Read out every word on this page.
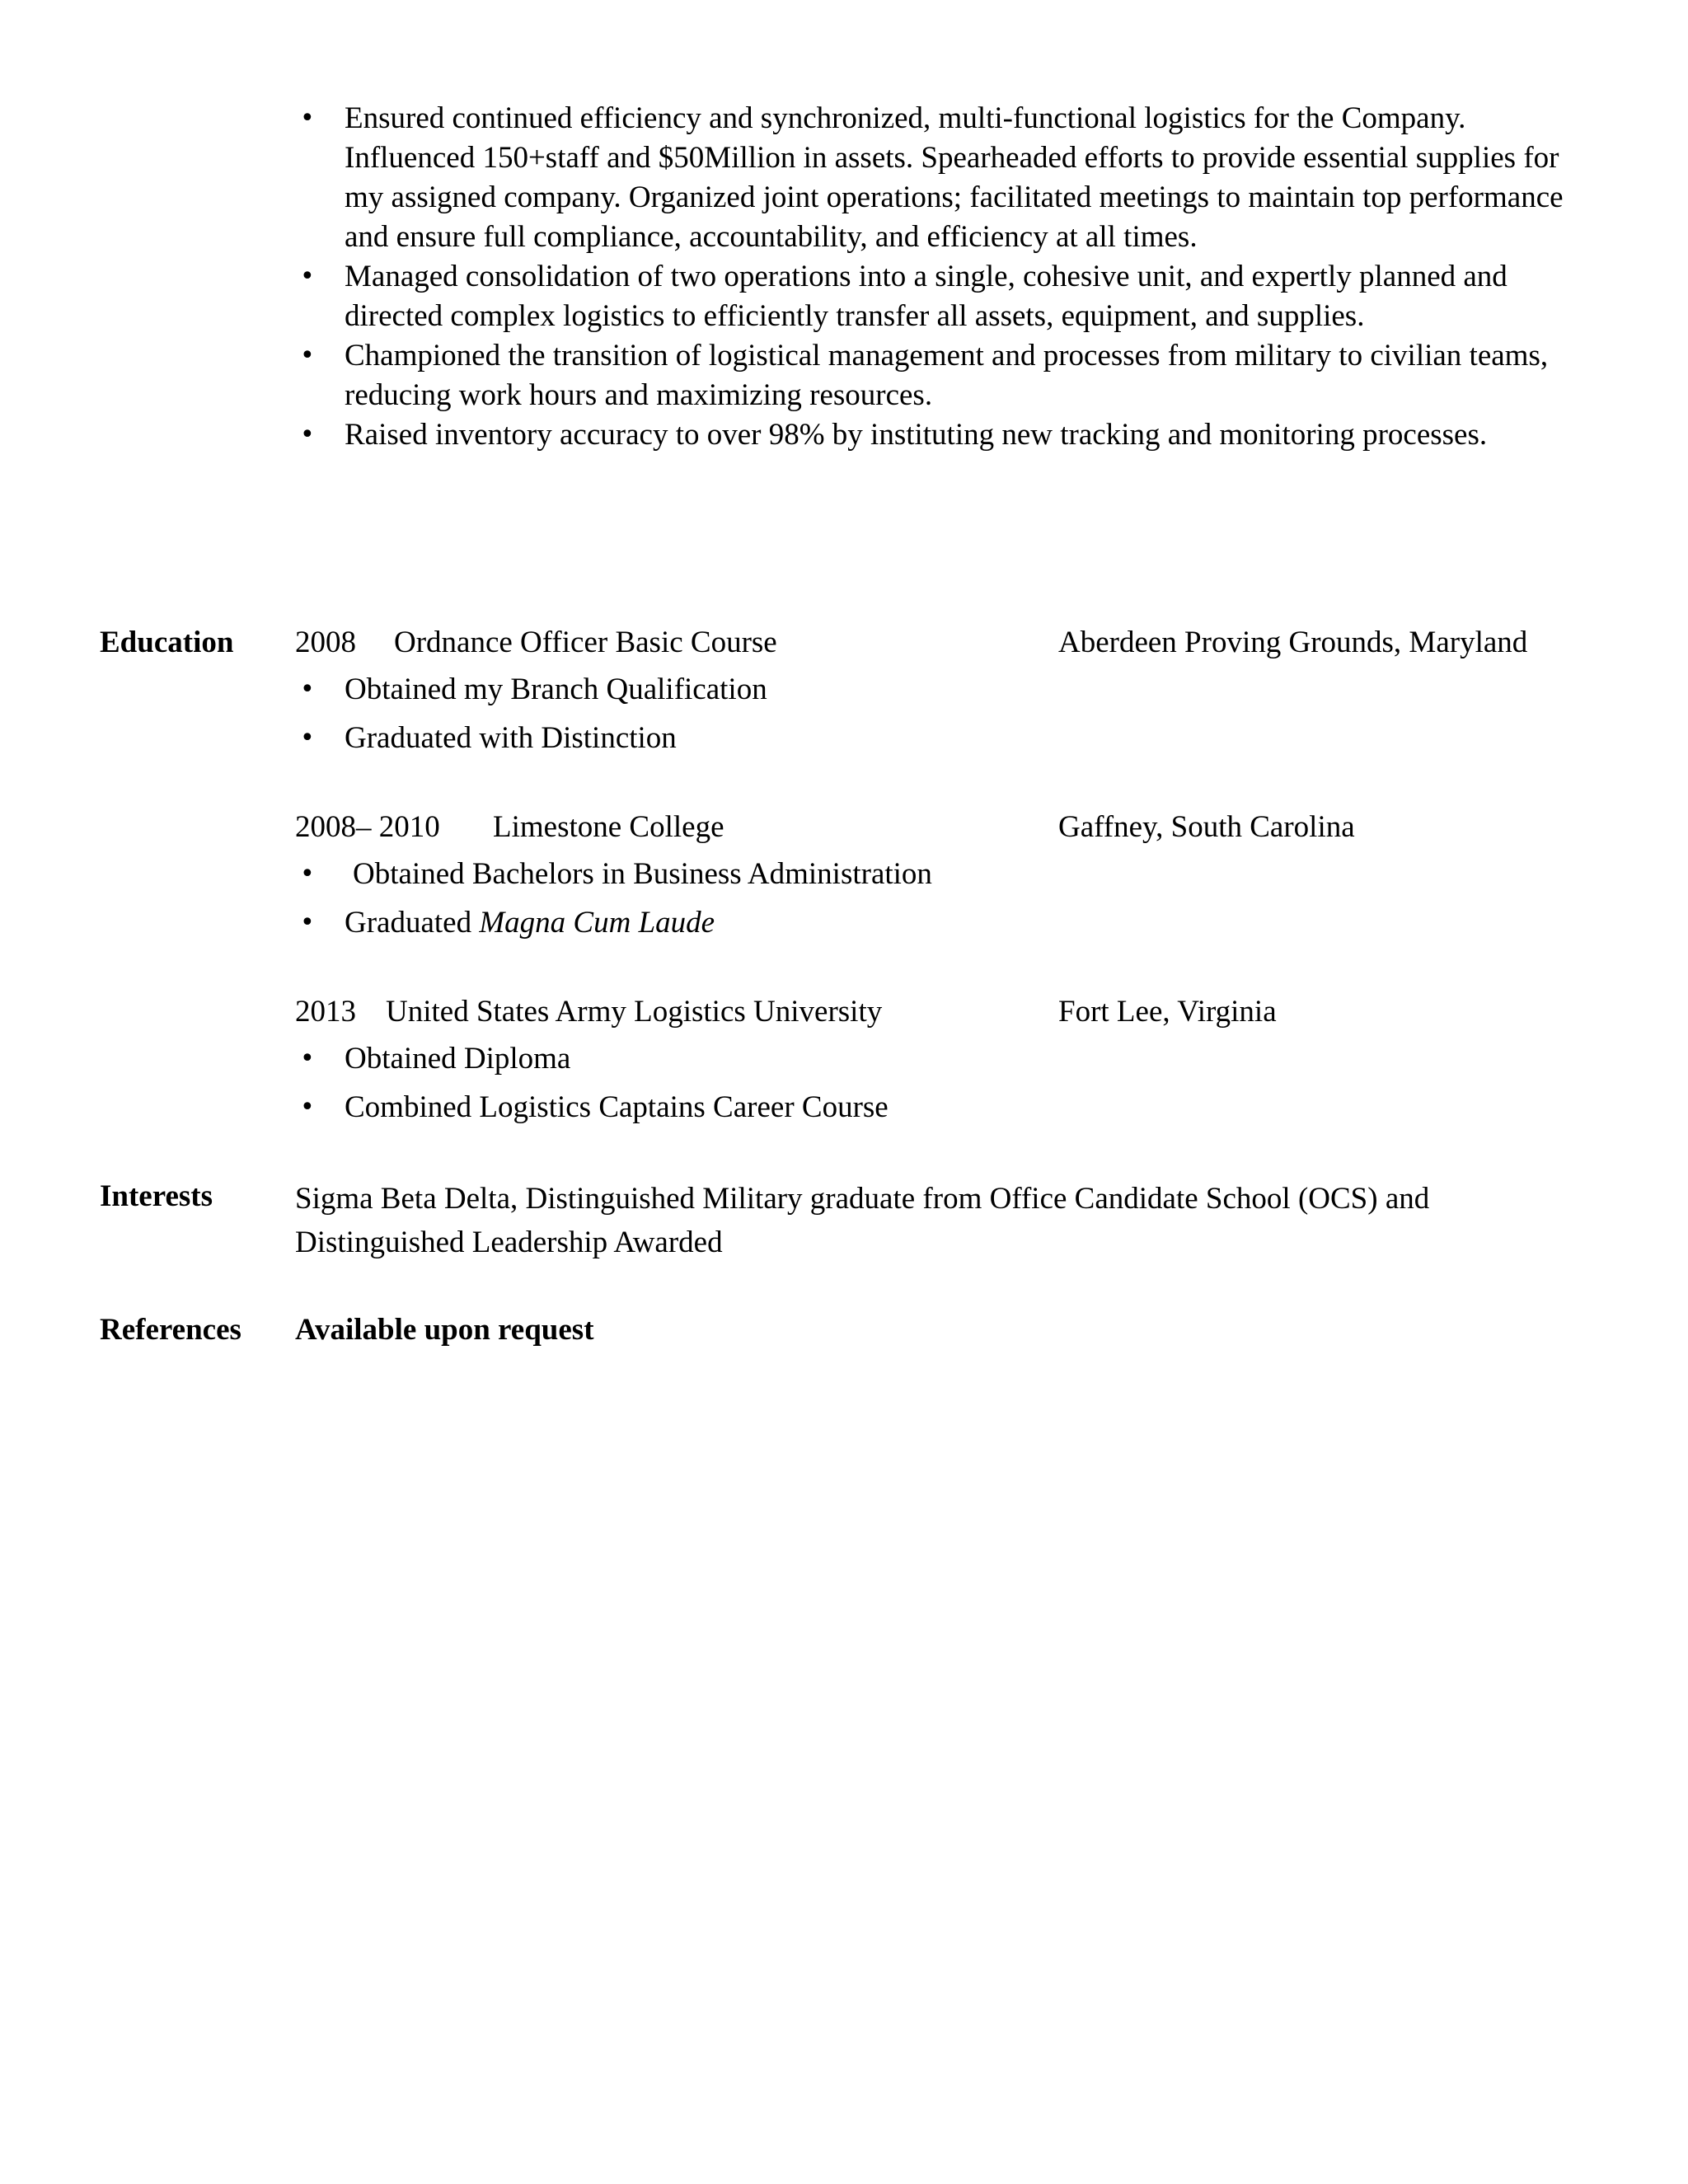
• Ensured continued efficiency and synchronized, multi-functional logistics for the Company. Influenced 150+staff and $50Million in assets. Spearheaded efforts to provide essential supplies for my assigned company. Organized joint operations; facilitated meetings to maintain top performance and ensure full compliance, accountability, and efficiency at all times.
• Managed consolidation of two operations into a single, cohesive unit, and expertly planned and directed complex logistics to efficiently transfer all assets, equipment, and supplies.
• Championed the transition of logistical management and processes from military to civilian teams, reducing work hours and maximizing resources.
• Raised inventory accuracy to over 98% by instituting new tracking and monitoring processes.
Education 2008 Ordnance Officer Basic Course	Aberdeen Proving Grounds, Maryland
• Obtained my Branch Qualification
• Graduated with Distinction
2008– 2010 Limestone College	Gaffney, South Carolina
• Obtained Bachelors in Business Administration
• Graduated Magna Cum Laude
2013 United States Army Logistics University	Fort Lee, Virginia
• Obtained Diploma
• Combined Logistics Captains Career Course
Interests	Sigma Beta Delta, Distinguished Military graduate from Office Candidate School (OCS) and Distinguished Leadership Awarded
References Available upon request
